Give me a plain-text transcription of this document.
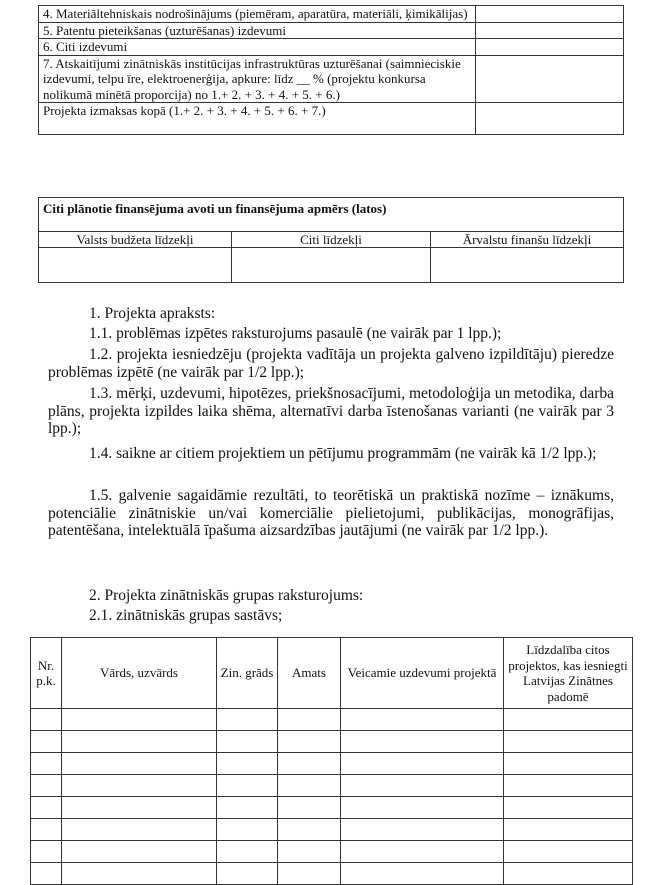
4. Materiāltehniskais nodrošinājums (piemēram, aparatūra, materiāli, ķimikālijas)	
5. Patentu pieteikšanas (uzturēšanas) izdevumi	
6. Citi izdevumi	
7. Atskaitījumi zinātniskās institūcijas infrastruktūras uzturēšanai (saimnieciskie izdevumi, telpu īre, elektroenerģija, apkure: līdz __ % (projektu konkursa nolikumā minētā proporcija) no 1.+ 2. + 3. + 4. + 5. + 6.)	
Projekta izmaksas kopā (1.+ 2. + 3. + 4. + 5. + 6. + 7.)	
Citi plānotie finansējuma avoti un finansējuma apmērs (latos)		
Valsts budžeta līdzekļi	Citi līdzekļi	Ārvalstu finanšu līdzekļi

1. Projekta apraksts:

1.1. problēmas izpētes raksturojums pasaulē (ne vairāk par 1 lpp.);

1.2. projekta iesniedzēju (projekta vadītāja un projekta galveno izpildītāju) pieredze problēmas izpētē (ne vairāk par 1/2 lpp.);

1.3. mērķi, uzdevumi, hipotēzes, priekšnosacījumi, metodoloģija un metodika, darba plāns, projekta izpildes laika shēma, alternatīvi darba īstenošanas varianti (ne vairāk par 3 lpp.);

1.4. saikne ar citiem projektiem un pētījumu programmām (ne vairāk kā 1/2 lpp.);

1.5. galvenie sagaidāmie rezultāti, to teorētiskā un praktiskā nozīme – iznākums, potenciālie zinātniskie un/vai komerciālie pielietojumi, publikācijas, monogrāfijas, patentēšana, intelektuālā īpašuma aizsardzības jautājumi (ne vairāk par 1/2 lpp.).

2. Projekta zinātniskās grupas raksturojums:

2.1. zinātniskās grupas sastāvs;

Nr. p.k.	Vārds, uzvārds	Zin. grāds	Amats	Veicamie uzdevumi projektā	Līdzdalība citos projektos, kas iesniegti Latvijas Zinātnes padomē
